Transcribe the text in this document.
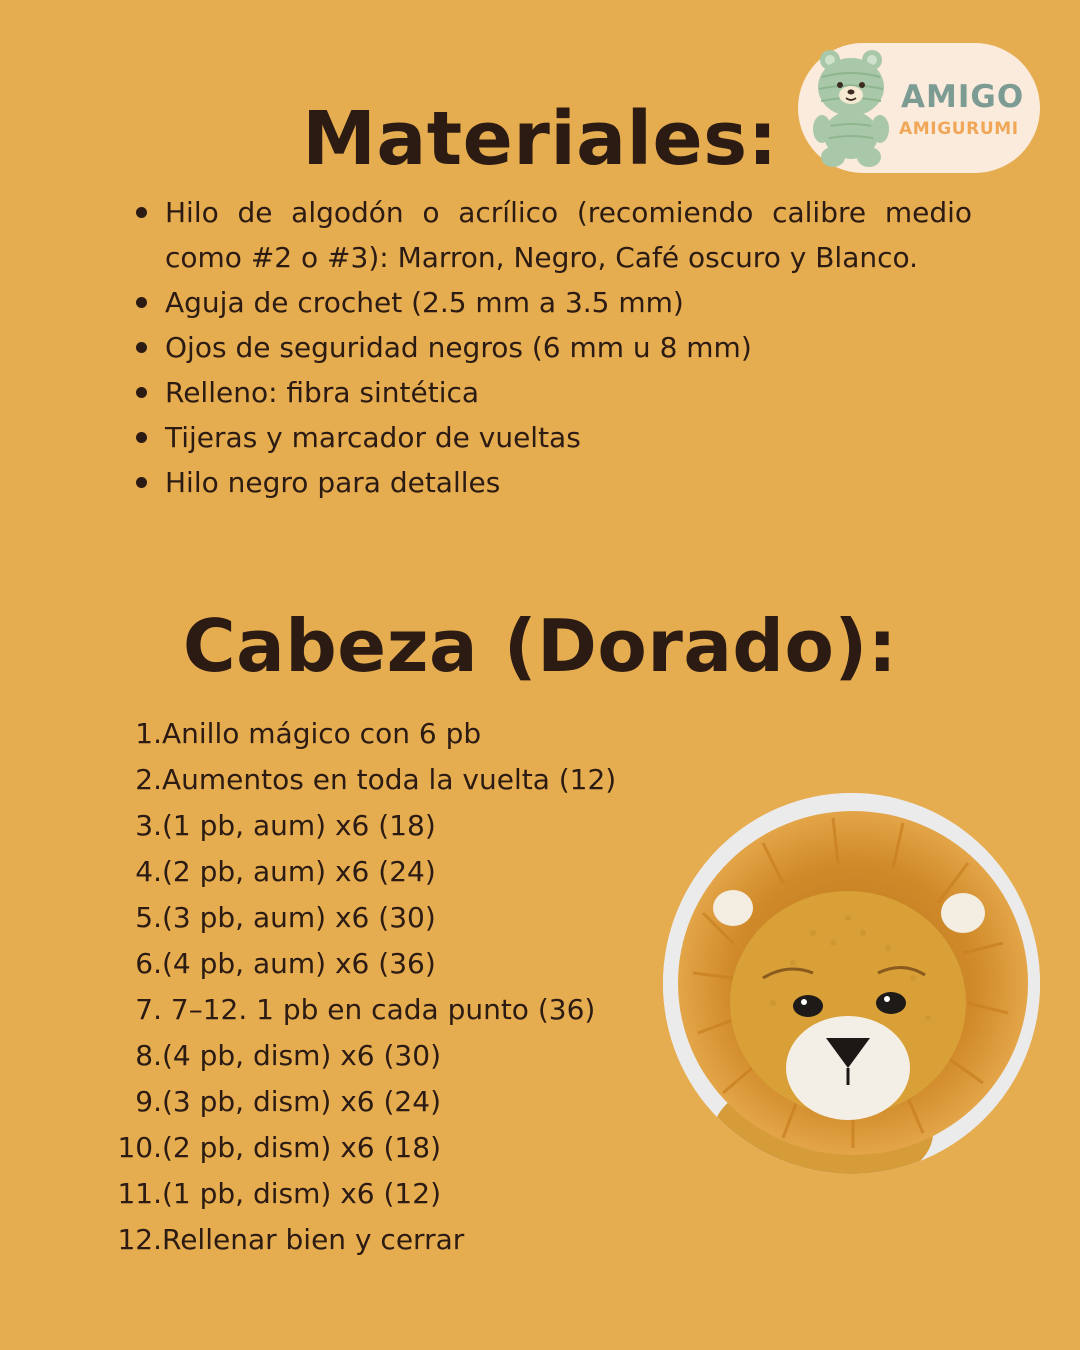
AMIGO
AMIGURUMI
Materiales:
Hilo de algodón o acrílico (recomiendo calibre medio como #2 o #3): Marron, Negro, Café oscuro y Blanco.
Aguja de crochet (2.5 mm a 3.5 mm)
Ojos de seguridad negros (6 mm u 8 mm)
Relleno: fibra sintética
Tijeras y marcador de vueltas
Hilo negro para detalles
Cabeza (Dorado):
1. Anillo mágico con 6 pb
2. Aumentos en toda la vuelta (12)
3. (1 pb, aum) x6 (18)
4. (2 pb, aum) x6 (24)
5. (3 pb, aum) x6 (30)
6. (4 pb, aum) x6 (36)
7. 7–12. 1 pb en cada punto (36)
8. (4 pb, dism) x6 (30)
9. (3 pb, dism) x6 (24)
10. (2 pb, dism) x6 (18)
11. (1 pb, dism) x6 (12)
12. Rellenar bien y cerrar
